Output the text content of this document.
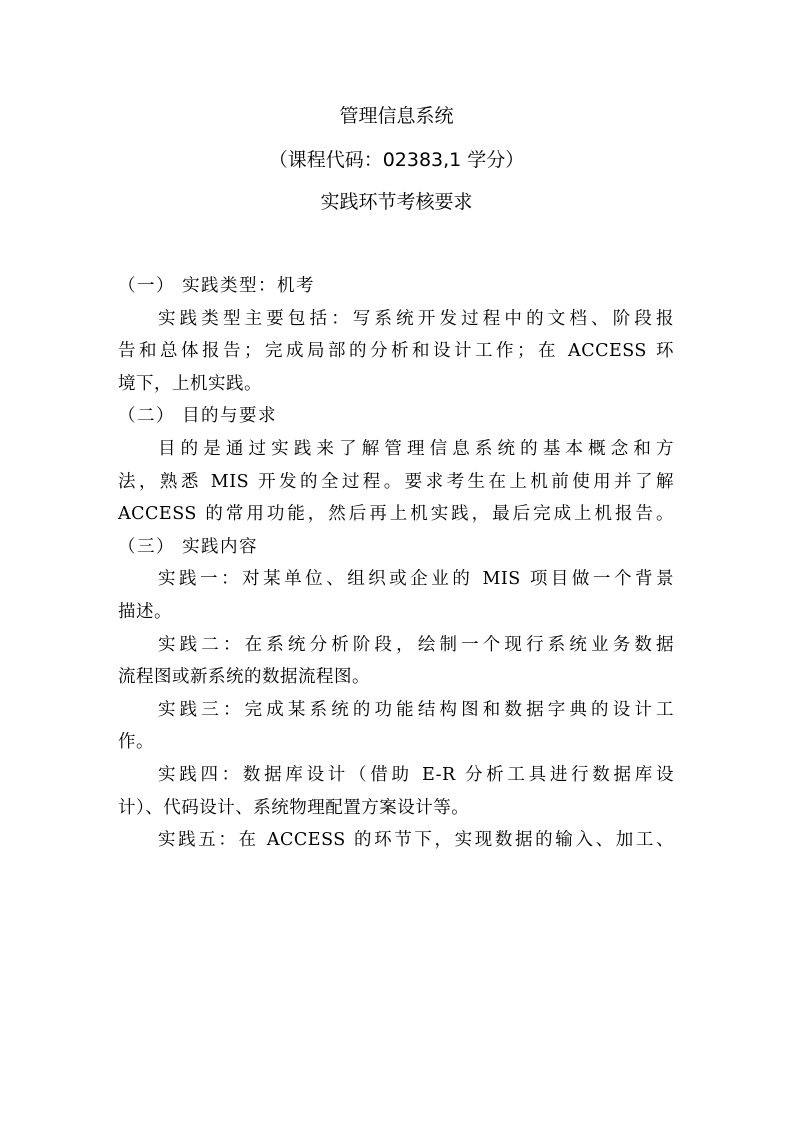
管理信息系统
（课程代码：02383,1 学分）
实践环节考核要求
（一） 实践类型：机考
实践类型主要包括：写系统开发过程中的文档、阶段报
告和总体报告；完成局部的分析和设计工作；在 ACCESS 环
境下，上机实践。
（二） 目的与要求
目的是通过实践来了解管理信息系统的基本概念和方
法，熟悉 MIS 开发的全过程。要求考生在上机前使用并了解
ACCESS 的常用功能，然后再上机实践，最后完成上机报告。
（三） 实践内容
实践一：对某单位、组织或企业的 MIS 项目做一个背景
描述。
实践二：在系统分析阶段，绘制一个现行系统业务数据
流程图或新系统的数据流程图。
实践三：完成某系统的功能结构图和数据字典的设计工
作。
实践四：数据库设计（借助 E-R 分析工具进行数据库设
计）、代码设计、系统物理配置方案设计等。
实践五：在 ACCESS 的环节下，实现数据的输入、加工、
